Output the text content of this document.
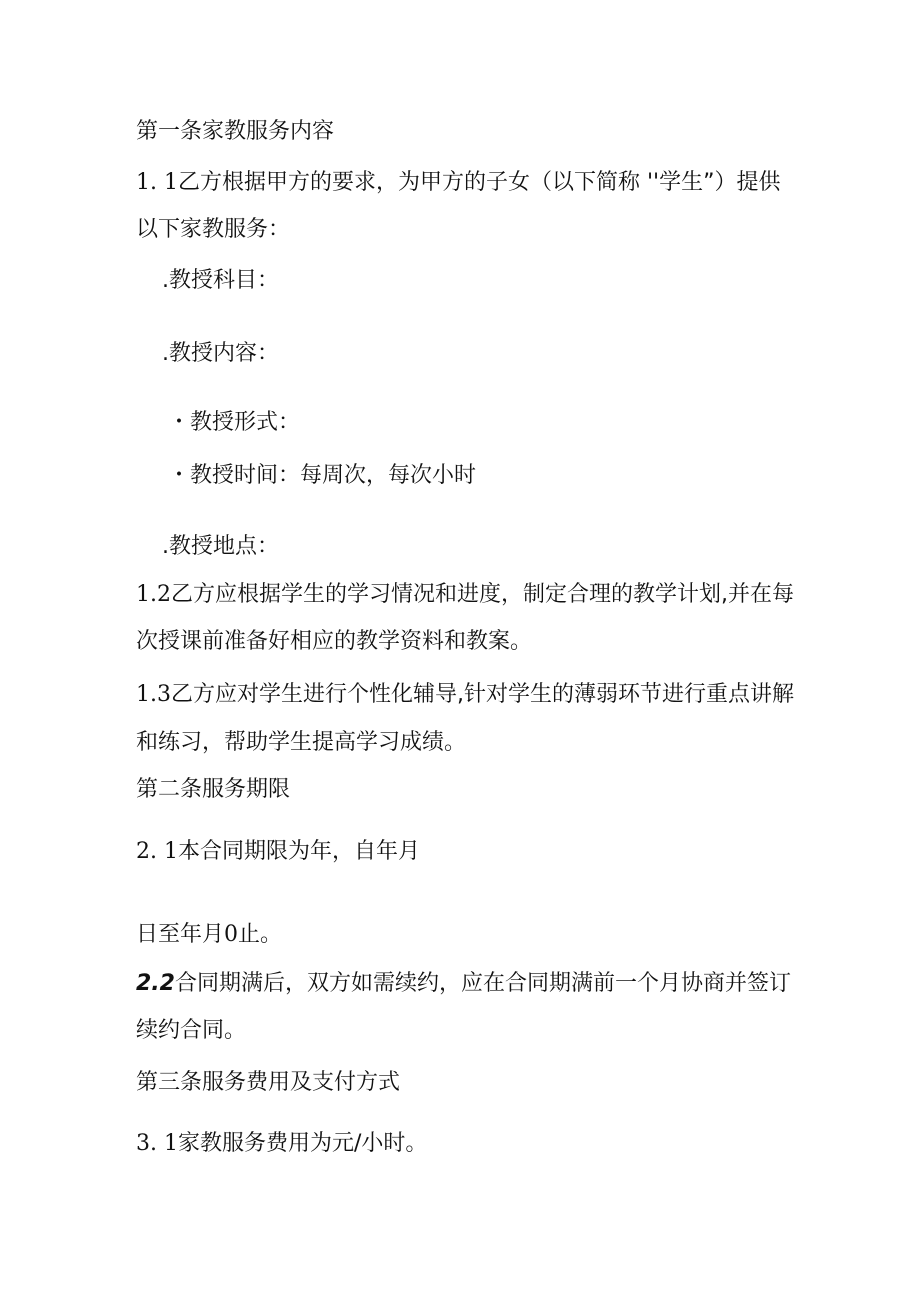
第一条家教服务内容

1. 1乙方根据甲方的要求，为甲方的子女（以下简称 ''学生”）提供

以下家教服务：

.教授科目：

.教授内容：

・教授形式：

・教授时间：每周次，每次小时

.教授地点：

1.2乙方应根据学生的学习情况和进度，制定合理的教学计划,并在每

次授课前准备好相应的教学资料和教案。

1.3乙方应对学生进行个性化辅导,针对学生的薄弱环节进行重点讲解

和练习，帮助学生提高学习成绩。

第二条服务期限

2. 1本合同期限为年，自年月

日至年月0止。

2.2合同期满后，双方如需续约，应在合同期满前一个月协商并签订

续约合同。

第三条服务费用及支付方式

3. 1家教服务费用为元/小时。
